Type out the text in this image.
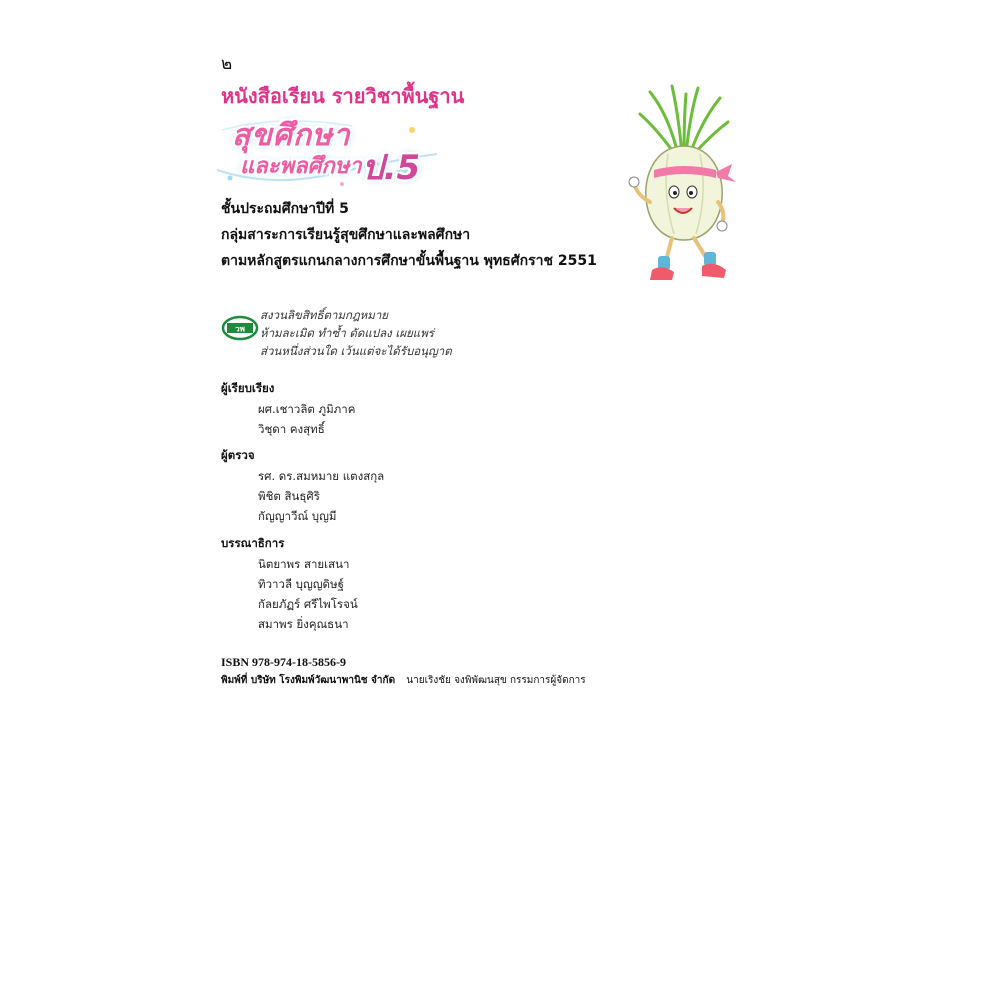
๒
หนังสือเรียน รายวิชาพื้นฐาน
สุขศึกษา
และพลศึกษา ป.5
ชั้นประถมศึกษาปีที่ 5
กลุ่มสาระการเรียนรู้สุขศึกษาและพลศึกษา
ตามหลักสูตรแกนกลางการศึกษาขั้นพื้นฐาน พุทธศักราช 2551
วพ
สงวนลิขสิทธิ์ตามกฎหมาย
ห้ามละเมิด ทำซ้ำ ดัดแปลง เผยแพร่
ส่วนหนึ่งส่วนใด เว้นแต่จะได้รับอนุญาต
ผู้เรียบเรียง
ผศ.เชาวลิต ภูมิภาค
วิชุดา คงสุทธิ์
ผู้ตรวจ
รศ. ดร.สมหมาย แตงสกุล
พิชิต สินธุศิริ
กัญญาวีณ์ บุญมี
บรรณาธิการ
นิตยาพร สายเสนา
ทิวาวลี บุญญดิษฐ์
กัลยภัฏร์ ศรีไพโรจน์
สมาพร ยิ่งคุณธนา
ISBN 978-974-18-5856-9
พิมพ์ที่ บริษัท โรงพิมพ์วัฒนาพานิช จำกัด นายเริงชัย จงพิพัฒนสุข กรรมการผู้จัดการ
